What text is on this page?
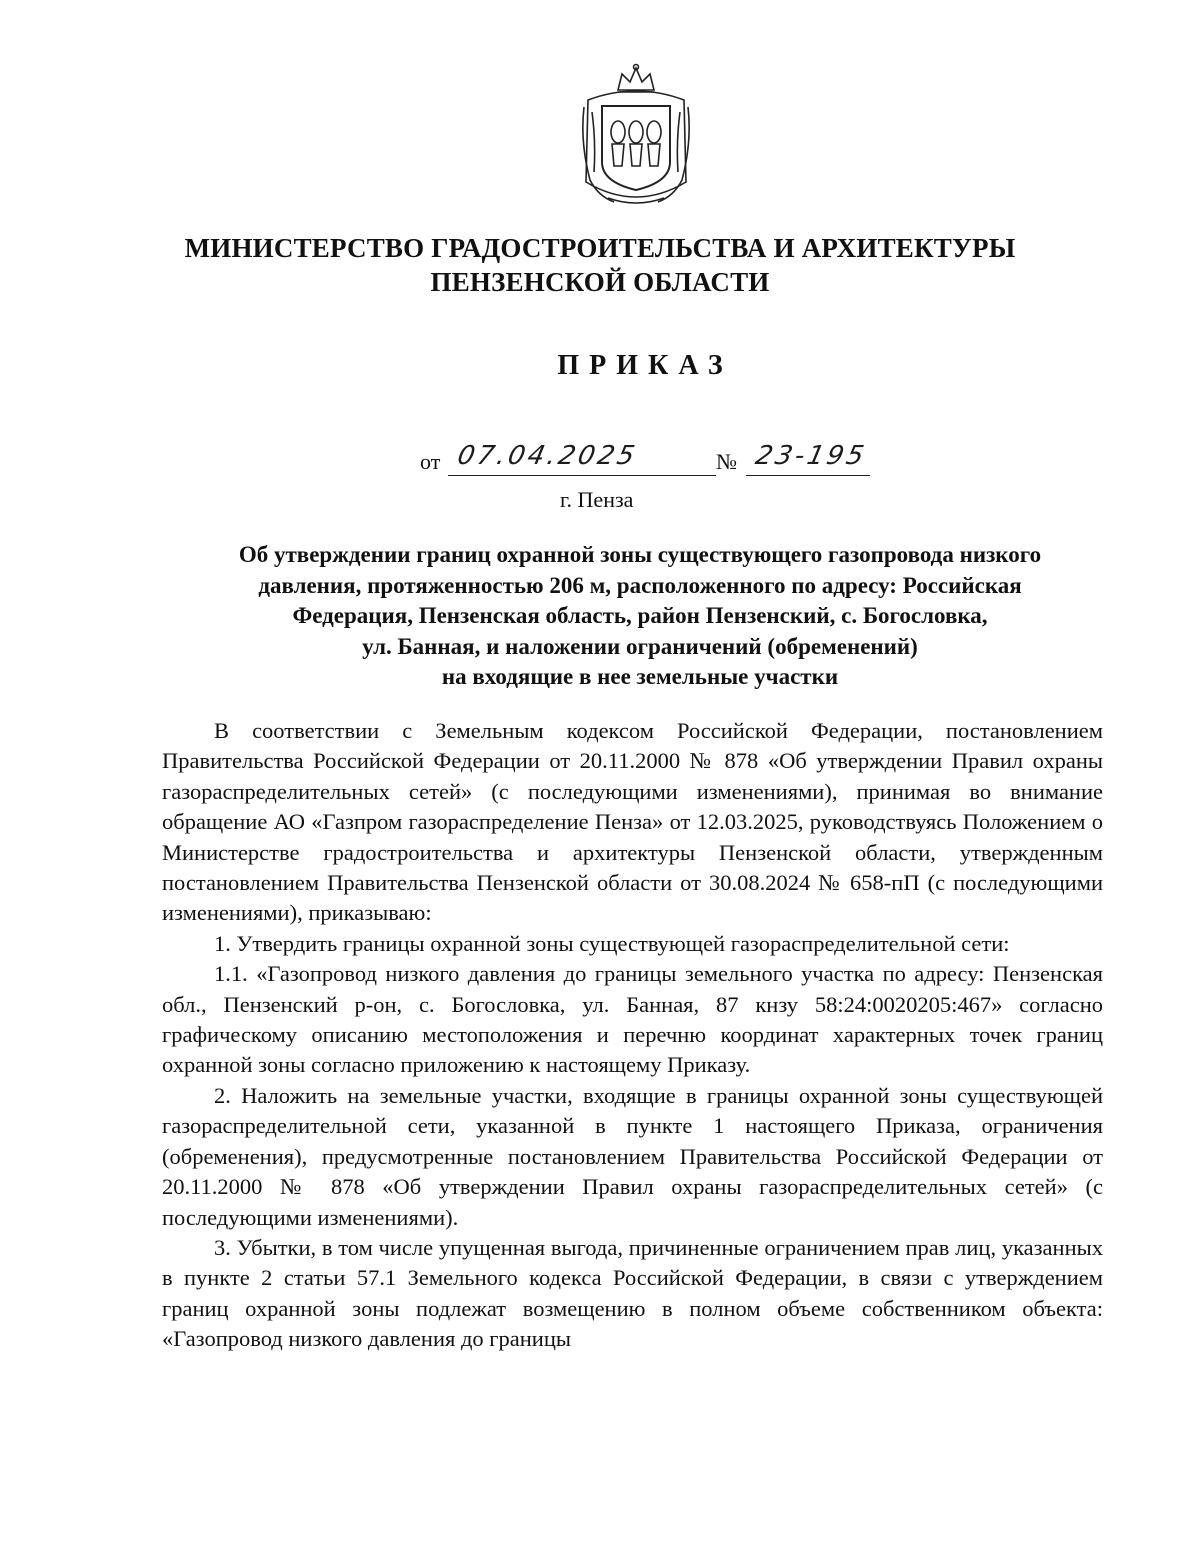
МИНИСТЕРСТВО ГРАДОСТРОИТЕЛЬСТВА И АРХИТЕКТУРЫ
ПЕНЗЕНСКОЙ ОБЛАСТИ
ПРИКАЗ
от 07.04.2025	№ 23-195
г. Пенза
Об утверждении границ охранной зоны существующего газопровода низкого
давления, протяженностью 206 м, расположенного по адресу: Российская
Федерация, Пензенская область, район Пензенский, с. Богословка,
ул. Банная, и наложении ограничений (обременений)
на входящие в нее земельные участки

В соответствии с Земельным кодексом Российской Федерации, постановлением Правительства Российской Федерации от 20.11.2000 № 878 «Об утверждении Правил охраны газораспределительных сетей» (с последующими изменениями), принимая во внимание обращение АО «Газпром газораспределение Пенза» от 12.03.2025, руководствуясь Положением о Министерстве градостроительства и архитектуры Пензенской области, утвержденным постановлением Правительства Пензенской области от 30.08.2024 № 658-пП (с последующими изменениями), приказываю:

1. Утвердить границы охранной зоны существующей газораспределительной сети:

1.1. «Газопровод низкого давления до границы земельного участка по адресу: Пензенская обл., Пензенский р-он, с. Богословка, ул. Банная, 87 кнзу 58:24:0020205:467» согласно графическому описанию местоположения и перечню координат характерных точек границ охранной зоны согласно приложению к настоящему Приказу.

2. Наложить на земельные участки, входящие в границы охранной зоны существующей газораспределительной сети, указанной в пункте 1 настоящего Приказа, ограничения (обременения), предусмотренные постановлением Правительства Российской Федерации от 20.11.2000 № 878 «Об утверждении Правил охраны газораспределительных сетей» (с последующими изменениями).

3. Убытки, в том числе упущенная выгода, причиненные ограничением прав лиц, указанных в пункте 2 статьи 57.1 Земельного кодекса Российской Федерации, в связи с утверждением границ охранной зоны подлежат возмещению в полном объеме собственником объекта: «Газопровод низкого давления до границы
